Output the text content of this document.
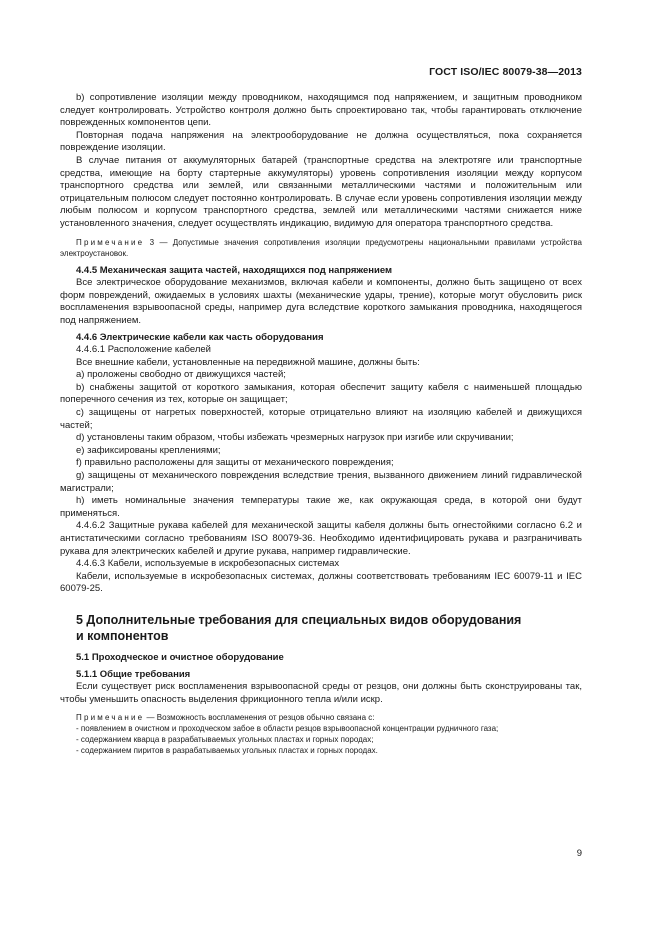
ГОСТ ISO/IEC 80079-38—2013

b) сопротивление изоляции между проводником, находящимся под напряжением, и защитным проводником следует контролировать. Устройство контроля должно быть спроектировано так, чтобы гарантировать отключение поврежденных компонентов цепи.

Повторная подача напряжения на электрооборудование не должна осуществляться, пока сохраняется повреждение изоляции.

В случае питания от аккумуляторных батарей (транспортные средства на электротяге или транспортные средства, имеющие на борту стартерные аккумуляторы) уровень сопротивления изоляции между корпусом транспортного средства или землей, или связанными металлическими частями и положительным или отрицательным полюсом следует постоянно контролировать. В случае если уровень сопротивления изоляции между любым полюсом и корпусом транспортного средства, землей или металлическими частями снижается ниже установленного значения, следует осуществлять индикацию, видимую для оператора транспортного средства.

Примечание 3 — Допустимые значения сопротивления изоляции предусмотрены национальными правилами устройства электроустановок.
4.4.5 Механическая защита частей, находящихся под напряжением

Все электрическое оборудование механизмов, включая кабели и компоненты, должно быть защищено от всех форм повреждений, ожидаемых в условиях шахты (механические удары, трение), которые могут обусловить риск воспламенения взрывоопасной среды, например дуга вследствие короткого замыкания проводника, находящегося под напряжением.

4.4.6 Электрические кабели как часть оборудования

4.4.6.1 Расположение кабелей

Все внешние кабели, установленные на передвижной машине, должны быть:

a) проложены свободно от движущихся частей;

b) снабжены защитой от короткого замыкания, которая обеспечит защиту кабеля с наименьшей площадью поперечного сечения из тех, которые он защищает;

c) защищены от нагретых поверхностей, которые отрицательно влияют на изоляцию кабелей и движущихся частей;

d) установлены таким образом, чтобы избежать чрезмерных нагрузок при изгибе или скручивании;

e) зафиксированы креплениями;

f) правильно расположены для защиты от механического повреждения;

g) защищены от механического повреждения вследствие трения, вызванного движением линий гидравлической магистрали;

h) иметь номинальные значения температуры такие же, как окружающая среда, в которой они будут применяться.

4.4.6.2 Защитные рукава кабелей для механической защиты кабеля должны быть огнестойкими согласно 6.2 и антистатическими согласно требованиям ISO 80079-36. Необходимо идентифицировать рукава и разграничивать рукава для электрических кабелей и другие рукава, например гидравлические.

4.4.6.3 Кабели, используемые в искробезопасных системах

Кабели, используемые в искробезопасных системах, должны соответствовать требованиям IEC 60079-11 и IEC 60079-25.

5 Дополнительные требования для специальных видов оборудования
и компонентов
5.1 Проходческое и очистное оборудование
5.1.1 Общие требования

Если существует риск воспламенения взрывоопасной среды от резцов, они должны быть сконструированы так, чтобы уменьшить опасность выделения фрикционного тепла и/или искр.

Примечание — Возможность воспламенения от резцов обычно связана с:
- появлением в очистном и проходческом забое в области резцов взрывоопасной концентрации рудничного газа;
- содержанием кварца в разрабатываемых угольных пластах и горных породах;
- содержанием пиритов в разрабатываемых угольных пластах и горных породах.
9
